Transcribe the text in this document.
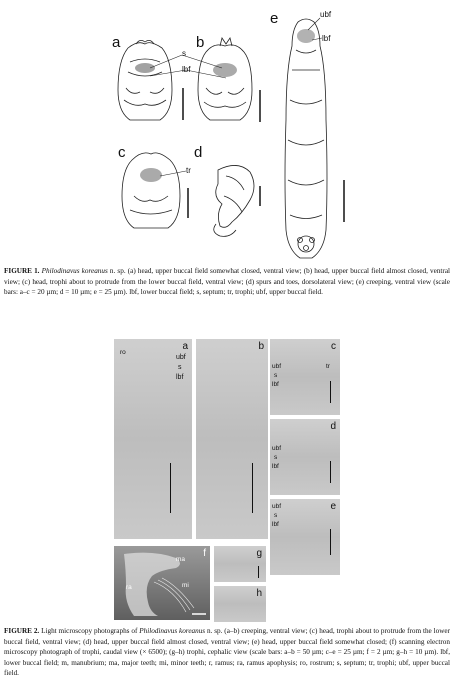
a	b
c	d
e
s
lbf
tr
ubf
lbf
FIGURE 1. Philodinavus koreanus n. sp. (a) head, upper buccal field somewhat closed, ventral view; (b) head, upper buccal field almost closed, ventral view; (c) head, trophi about to protrude from the lower buccal field, ventral view; (d) spurs and toes, dorsolateral view; (e) creeping, ventral view (scale bars: a–c = 20 µm; d = 10 µm; e = 25 µm). lbf, lower buccal field; s, septum; tr, trophi; ubf, upper buccal field.
a
ro
b
ubf
s
lbf
c
ubf
s
lbf
tr
d
ubf
s
lbf
e
ubf
s
lbf
f
ma
ra	mi
g
h
FIGURE 2. Light microscopy photographs of Philodinavus koreanus n. sp. (a–b) creeping, ventral view; (c) head, trophi about to protrude from the lower buccal field, ventral view; (d) head, upper buccal field almost closed, ventral view; (e) head, upper buccal field somewhat closed; (f) scanning electron microscopy photograph of trophi, caudal view (× 6500); (g–h) trophi, cephalic view (scale bars: a–b = 50 µm; c–e = 25 µm; f = 2 µm; g–h = 10 µm). lbf, lower buccal field; m, manubrium; ma, major teeth; mi, minor teeth; r, ramus; ra, ramus apophysis; ro, rostrum; s, septum; tr, trophi; ubf, upper buccal field.
